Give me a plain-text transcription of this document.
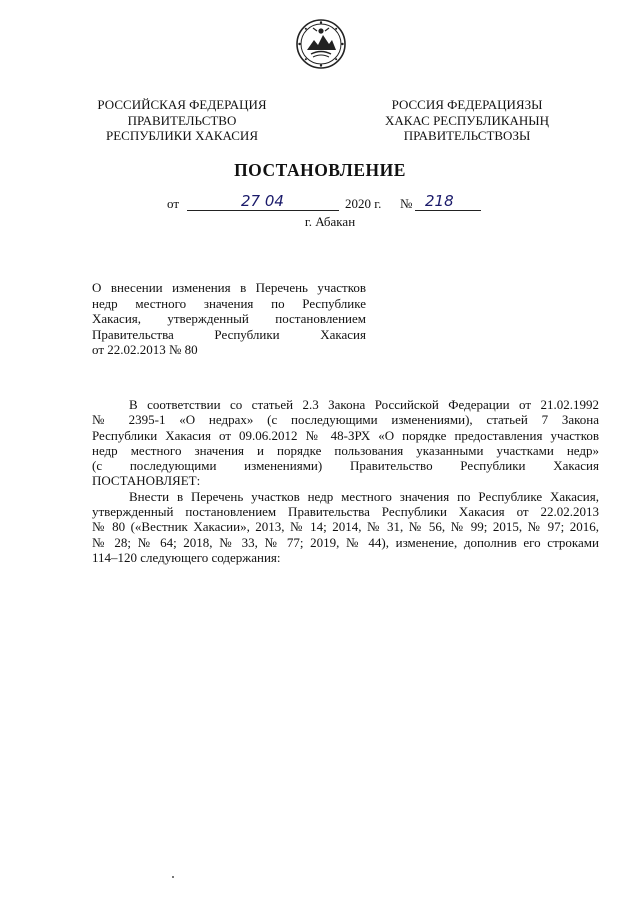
РОССИЙСКАЯ ФЕДЕРАЦИЯ
ПРАВИТЕЛЬСТВО
РЕСПУБЛИКИ ХАКАСИЯ
РОССИЯ ФЕДЕРАЦИЯЗЫ
ХАКАС РЕСПУБЛИКАНЫҢ
ПРАВИТЕЛЬСТВОЗЫ
ПОСТАНОВЛЕНИЕ
от	27 04	2020 г. № 218
г. Абакан
О внесении изменения в Перечень участков
недр местного значения по Республике
Хакасия, утвержденный постановлением
Правительства Республики Хакасия
от 22.02.2013 № 80
В соответствии со статьей 2.3 Закона Российской Федерации от 21.02.1992
№ 2395-1 «О недрах» (с последующими изменениями), статьей 7 Закона
Республики Хакасия от 09.06.2012 № 48-ЗРХ «О порядке предоставления участков
недр местного значения и порядке пользования указанными участками недр»
(с последующими изменениями) Правительство Республики Хакасия
ПОСТАНОВЛЯЕТ:
Внести в Перечень участков недр местного значения по Республике Хакасия,
утвержденный постановлением Правительства Республики Хакасия от 22.02.2013
№ 80 («Вестник Хакасии», 2013, № 14; 2014, № 31, № 56, № 99; 2015, № 97; 2016,
№ 28; № 64; 2018, № 33, № 77; 2019, № 44), изменение, дополнив его строками
114–120 следующего содержания:
